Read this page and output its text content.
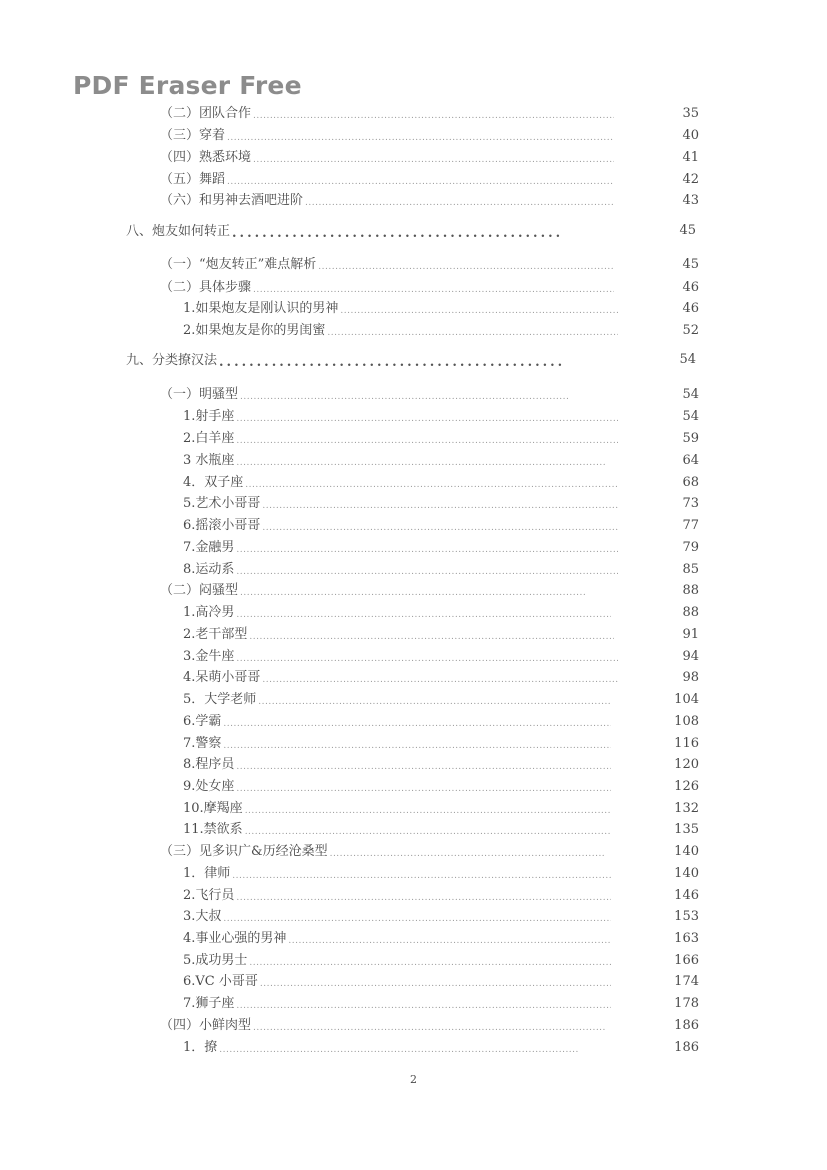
PDF Eraser Free
（二）团队合作 .....	35
（三）穿着 .....	40
（四）熟悉环境 .....	41
（五）舞蹈 .....	42
（六）和男神去酒吧进阶 .....	43
八、炮友如何转正 .....	45
（一）“炮友转正”难点解析 .....	45
（二）具体步骤 .....	46
1.如果炮友是刚认识的男神 .....	46
2.如果炮友是你的男闺蜜 .....	52
九、分类撩汉法 .....	54
（一）明骚型 .....	54
1.射手座 .....	54
2.白羊座 .....	59
3 水瓶座 .....	64
4．双子座 .....	68
5.艺术小哥哥 .....	73
6.摇滚小哥哥 .....	77
7.金融男 .....	79
8.运动系 .....	85
（二）闷骚型 .....	88
1.高冷男 .....	88
2.老干部型 .....	91
3.金牛座 .....	94
4.呆萌小哥哥 .....	98
5．大学老师 .....	104
6.学霸 .....	108
7.警察 .....	116
8.程序员 .....	120
9.处女座 .....	126
10.摩羯座 .....	132
11.禁欲系 .....	135
（三）见多识广&历经沧桑型 .....	140
1．律师 .....	140
2.飞行员 .....	146
3.大叔 .....	153
4.事业心强的男神 .....	163
5.成功男士 .....	166
6.VC 小哥哥 .....	174
7.狮子座 .....	178
（四）小鲜肉型 .....	186
1．撩 .....	186
2
